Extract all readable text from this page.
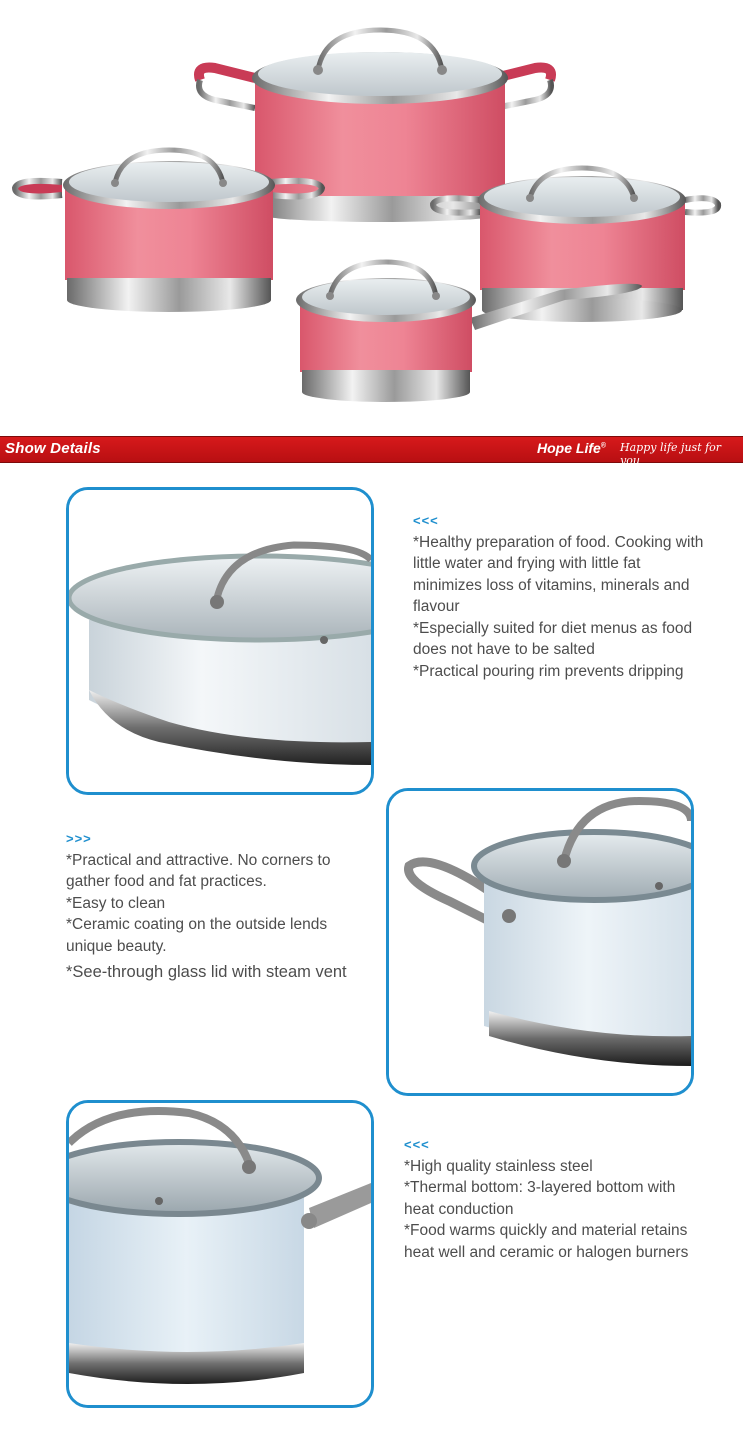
Show Details	Hope Life® Happy life just for you

<<<

*Healthy preparation of food. Cooking with little water and frying with little fat minimizes loss of vitamins, minerals and flavour

*Especially suited for diet menus as food does not have to be salted

*Practical pouring rim prevents dripping

>>>

*Practical and attractive. No corners to gather food and fat practices.

*Easy to clean

*Ceramic coating on the outside lends unique beauty.

*See-through glass lid with steam vent

<<<

*High quality stainless steel

*Thermal bottom: 3-layered bottom with heat conduction

*Food warms quickly and material retains heat well and ceramic or halogen burners
